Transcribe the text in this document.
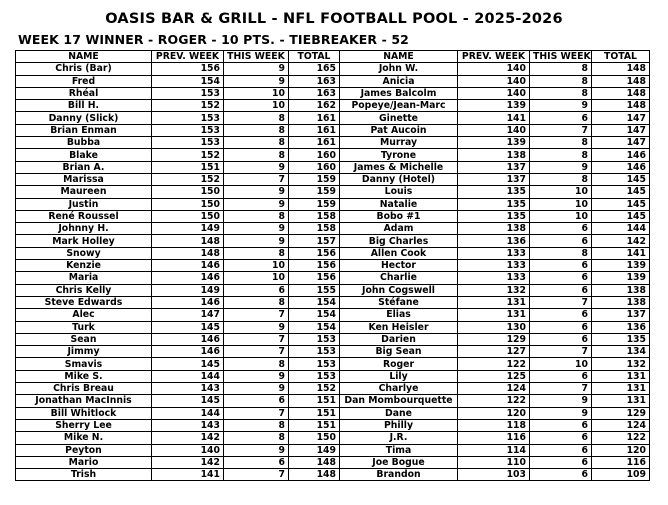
OASIS BAR & GRILL - NFL FOOTBALL POOL - 2025-2026
WEEK 17 WINNER - ROGER - 10 PTS. - TIEBREAKER - 52
NAME	PREV. WEEK	THIS WEEK	TOTAL	NAME	PREV. WEEK	THIS WEEK	TOTAL
Chris (Bar)	156	9	165	John W.	140	8	148
Fred	154	9	163	Anicia	140	8	148
Rhéal	153	10	163	James Balcolm	140	8	148
Bill H.	152	10	162	Popeye/Jean-Marc	139	9	148
Danny (Slick)	153	8	161	Ginette	141	6	147
Brian Enman	153	8	161	Pat Aucoin	140	7	147
Bubba	153	8	161	Murray	139	8	147
Blake	152	8	160	Tyrone	138	8	146
Brian A.	151	9	160	James & Michelle	137	9	146
Marissa	152	7	159	Danny (Hotel)	137	8	145
Maureen	150	9	159	Louis	135	10	145
Justin	150	9	159	Natalie	135	10	145
René Roussel	150	8	158	Bobo #1	135	10	145
Johnny H.	149	9	158	Adam	138	6	144
Mark Holley	148	9	157	Big Charles	136	6	142
Snowy	148	8	156	Allen Cook	133	8	141
Kenzie	146	10	156	Hector	133	6	139
Maria	146	10	156	Charlie	133	6	139
Chris Kelly	149	6	155	John Cogswell	132	6	138
Steve Edwards	146	8	154	Stéfane	131	7	138
Alec	147	7	154	Elias	131	6	137
Turk	145	9	154	Ken Heisler	130	6	136
Sean	146	7	153	Darien	129	6	135
Jimmy	146	7	153	Big Sean	127	7	134
Smavis	145	8	153	Roger	122	10	132
Mike S.	144	9	153	Lily	125	6	131
Chris Breau	143	9	152	Charlye	124	7	131
Jonathan MacInnis	145	6	151	Dan Mombourquette	122	9	131
Bill Whitlock	144	7	151	Dane	120	9	129
Sherry Lee	143	8	151	Philly	118	6	124
Mike N.	142	8	150	J.R.	116	6	122
Peyton	140	9	149	Tima	114	6	120
Mario	142	6	148	Joe Bogue	110	6	116
Trish	141	7	148	Brandon	103	6	109
